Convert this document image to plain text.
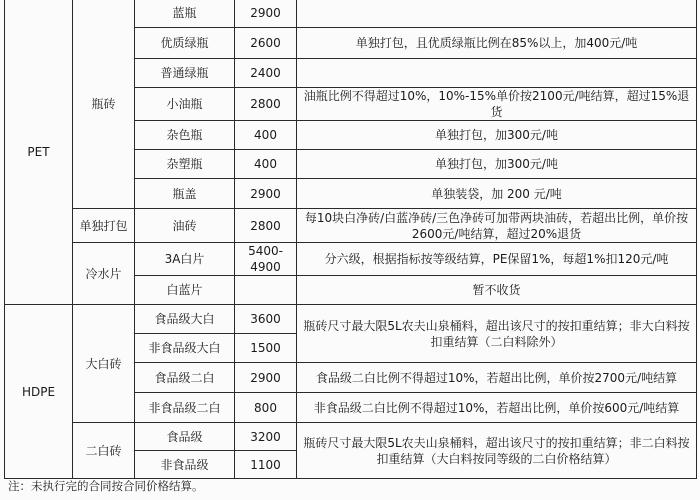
PET	瓶砖	蓝瓶	2900	
		优质绿瓶	2600	单独打包，且优质绿瓶比例在85%以上，加400元/吨
		普通绿瓶	2400	
		小油瓶	2800	油瓶比例不得超过10%，10%-15%单价按2100元/吨结算，超过15%退货
		杂色瓶	400	单独打包，加300元/吨
		杂塑瓶	400	单独打包，加300元/吨
		瓶盖	2900	单独装袋，加 200 元/吨
	单独打包	油砖	2800	每10块白净砖/白蓝净砖/三色净砖可加带两块油砖，若超出比例，单价按2600元/吨结算，超过20%退货
	冷水片	3A白片	5400-4900	分六级，根据指标按等级结算，PE保留1%，每超1%扣120元/吨
		白蓝片		暂不收货
HDPE	大白砖	食品级大白	3600	瓶砖尺寸最大限5L农夫山泉桶料，超出该尺寸的按扣重结算；非大白料按扣重结算（二白料除外）
		非食品级大白	1500	
		食品级二白	2900	食品级二白比例不得超过10%，若超出比例，单价按2700元/吨结算
		非食品级二白	800	非食品级二白比例不得超过10%，若超出比例，单价按600元/吨结算
	二白砖	食品级	3200	瓶砖尺寸最大限5L农夫山泉桶料，超出该尺寸的按扣重结算；非二白料按扣重结算（大白料按同等级的二白价格结算）
		非食品级	1100	
注：未执行完的合同按合同价格结算。
